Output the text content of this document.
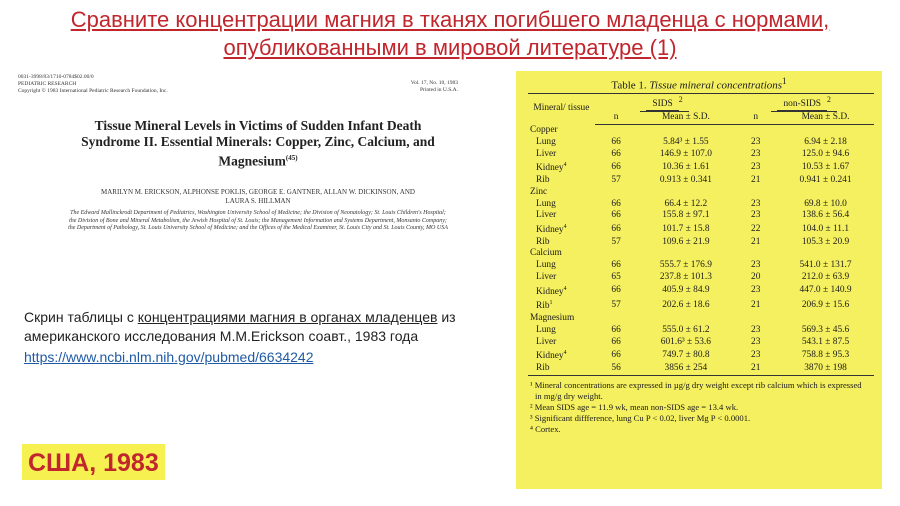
Сравните концентрации магния в тканях погибшего младенца с нормами, опубликованными в мировой литературе (1)
0031-3998/83/1710-0784$02.00/0
PEDIATRIC RESEARCH
Copyright © 1983 International Pediatric Research Foundation, Inc.
Vol. 17, No. 10, 1983
Printed in U.S.A.
Tissue Mineral Levels in Victims of Sudden Infant Death Syndrome II. Essential Minerals: Copper, Zinc, Calcium, and Magnesium$^{(45)}$
MARILYN M. ERICKSON, ALPHONSE POKLIS, GEORGE E. GANTNER, ALLAN W. DICKINSON, AND LAURA S. HILLMAN
The Edward Mallinckrodt Department of Pediatrics, Washington University School of Medicine; the Division of Neonatology; St. Louis Children's Hospital; the Division of Bone and Mineral Metabolism, the Jewish Hospital of St. Louis; the Management Information and Systems Department, Monsanto Company; the Department of Pathology, St. Louis University School of Medicine; and the Offices of the Medical Examiner, St. Louis City and St. Louis County, MO USA
Скрин таблицы с концентрациями магния в органах младенцев из американского исследования M.M.Erickson соавт., 1983 года
https://www.ncbi.nlm.nih.gov/pubmed/6634242
США, 1983
Table 1. Tissue mineral concentrations$^1$
Mineral/ tissue	SIDS $^2$		non-SIDS $^2$
	n	Mean ± S.D.	n	Mean ± S.D.
Copper				
Lung	66	5.84³ ± 1.55	23	6.94 ± 2.18
Liver	66	146.9 ± 107.0	23	125.0 ± 94.6
Kidney$^4$	66	10.36 ± 1.61	23	10.53 ± 1.67
Rib	57	0.913 ± 0.341	21	0.941 ± 0.241
Zinc				
Lung	66	66.4 ± 12.2	23	69.8 ± 10.0
Liver	66	155.8 ± 97.1	23	138.6 ± 56.4
Kidney$^4$	66	101.7 ± 15.8	22	104.0 ± 11.1
Rib	57	109.6 ± 21.9	21	105.3 ± 20.9
Calcium				
Lung	66	555.7 ± 176.9	23	541.0 ± 131.7
Liver	65	237.8 ± 101.3	20	212.0 ± 63.9
Kidney$^4$	66	405.9 ± 84.9	23	447.0 ± 140.9
Rib$^1$	57	202.6 ± 18.6	21	206.9 ± 15.6
Magnesium				
Lung	66	555.0 ± 61.2	23	569.3 ± 45.6
Liver	66	601.6³ ± 53.6	23	543.1 ± 87.5
Kidney$^4$	66	749.7 ± 80.8	23	758.8 ± 95.3
Rib	56	3856 ± 254	21	3870 ± 198
¹ Mineral concentrations are expressed in µg/g dry weight except rib calcium which is expressed in mg/g dry weight.
² Mean SIDS age = 11.9 wk, mean non-SIDS age = 13.4 wk.
³ Significant diffference, lung Cu P < 0.02, liver Mg P < 0.0001.
⁴ Cortex.
